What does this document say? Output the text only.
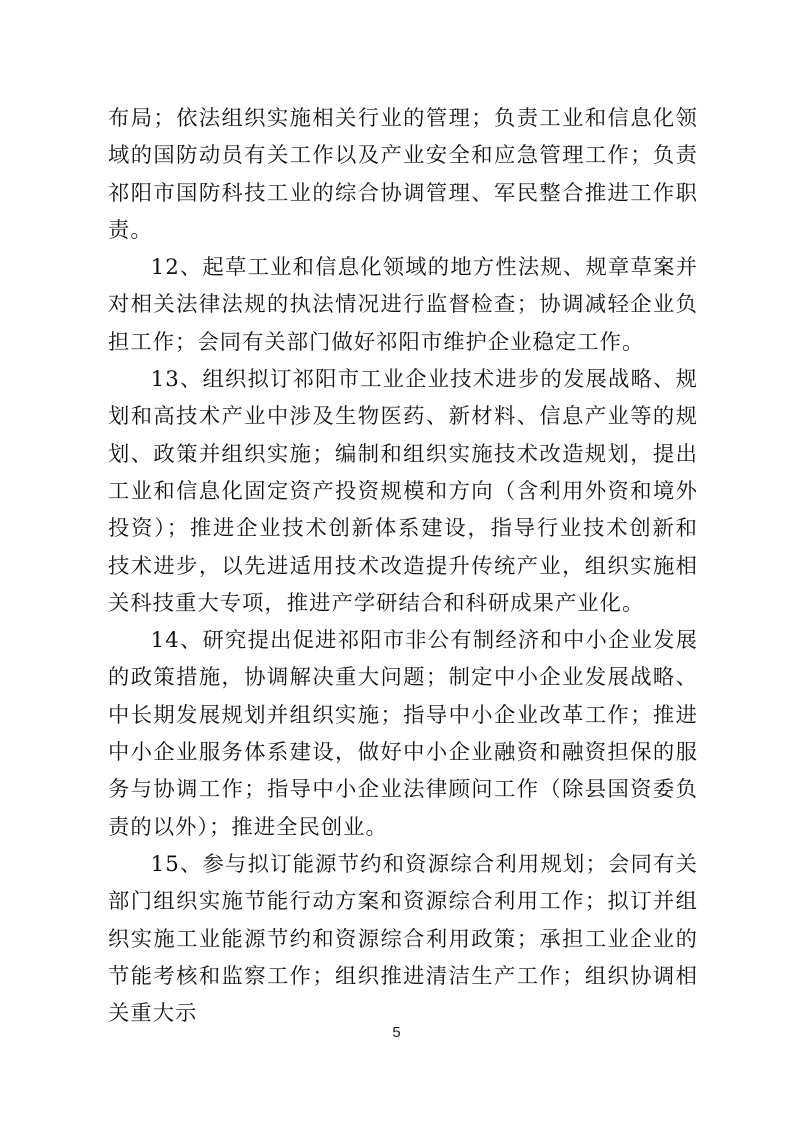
布局；依法组织实施相关行业的管理；负责工业和信息化领域的国防动员有关工作以及产业安全和应急管理工作；负责祁阳市国防科技工业的综合协调管理、军民整合推进工作职责。

12、起草工业和信息化领域的地方性法规、规章草案并对相关法律法规的执法情况进行监督检查；协调减轻企业负担工作；会同有关部门做好祁阳市维护企业稳定工作。

13、组织拟订祁阳市工业企业技术进步的发展战略、规划和高技术产业中涉及生物医药、新材料、信息产业等的规划、政策并组织实施；编制和组织实施技术改造规划，提出工业和信息化固定资产投资规模和方向（含利用外资和境外投资）；推进企业技术创新体系建设，指导行业技术创新和技术进步，以先进适用技术改造提升传统产业，组织实施相关科技重大专项，推进产学研结合和科研成果产业化。

14、研究提出促进祁阳市非公有制经济和中小企业发展的政策措施，协调解决重大问题；制定中小企业发展战略、中长期发展规划并组织实施；指导中小企业改革工作；推进中小企业服务体系建设，做好中小企业融资和融资担保的服务与协调工作；指导中小企业法律顾问工作（除县国资委负责的以外）；推进全民创业。

15、参与拟订能源节约和资源综合利用规划；会同有关部门组织实施节能行动方案和资源综合利用工作；拟订并组织实施工业能源节约和资源综合利用政策；承担工业企业的节能考核和监察工作；组织推进清洁生产工作；组织协调相关重大示

5
